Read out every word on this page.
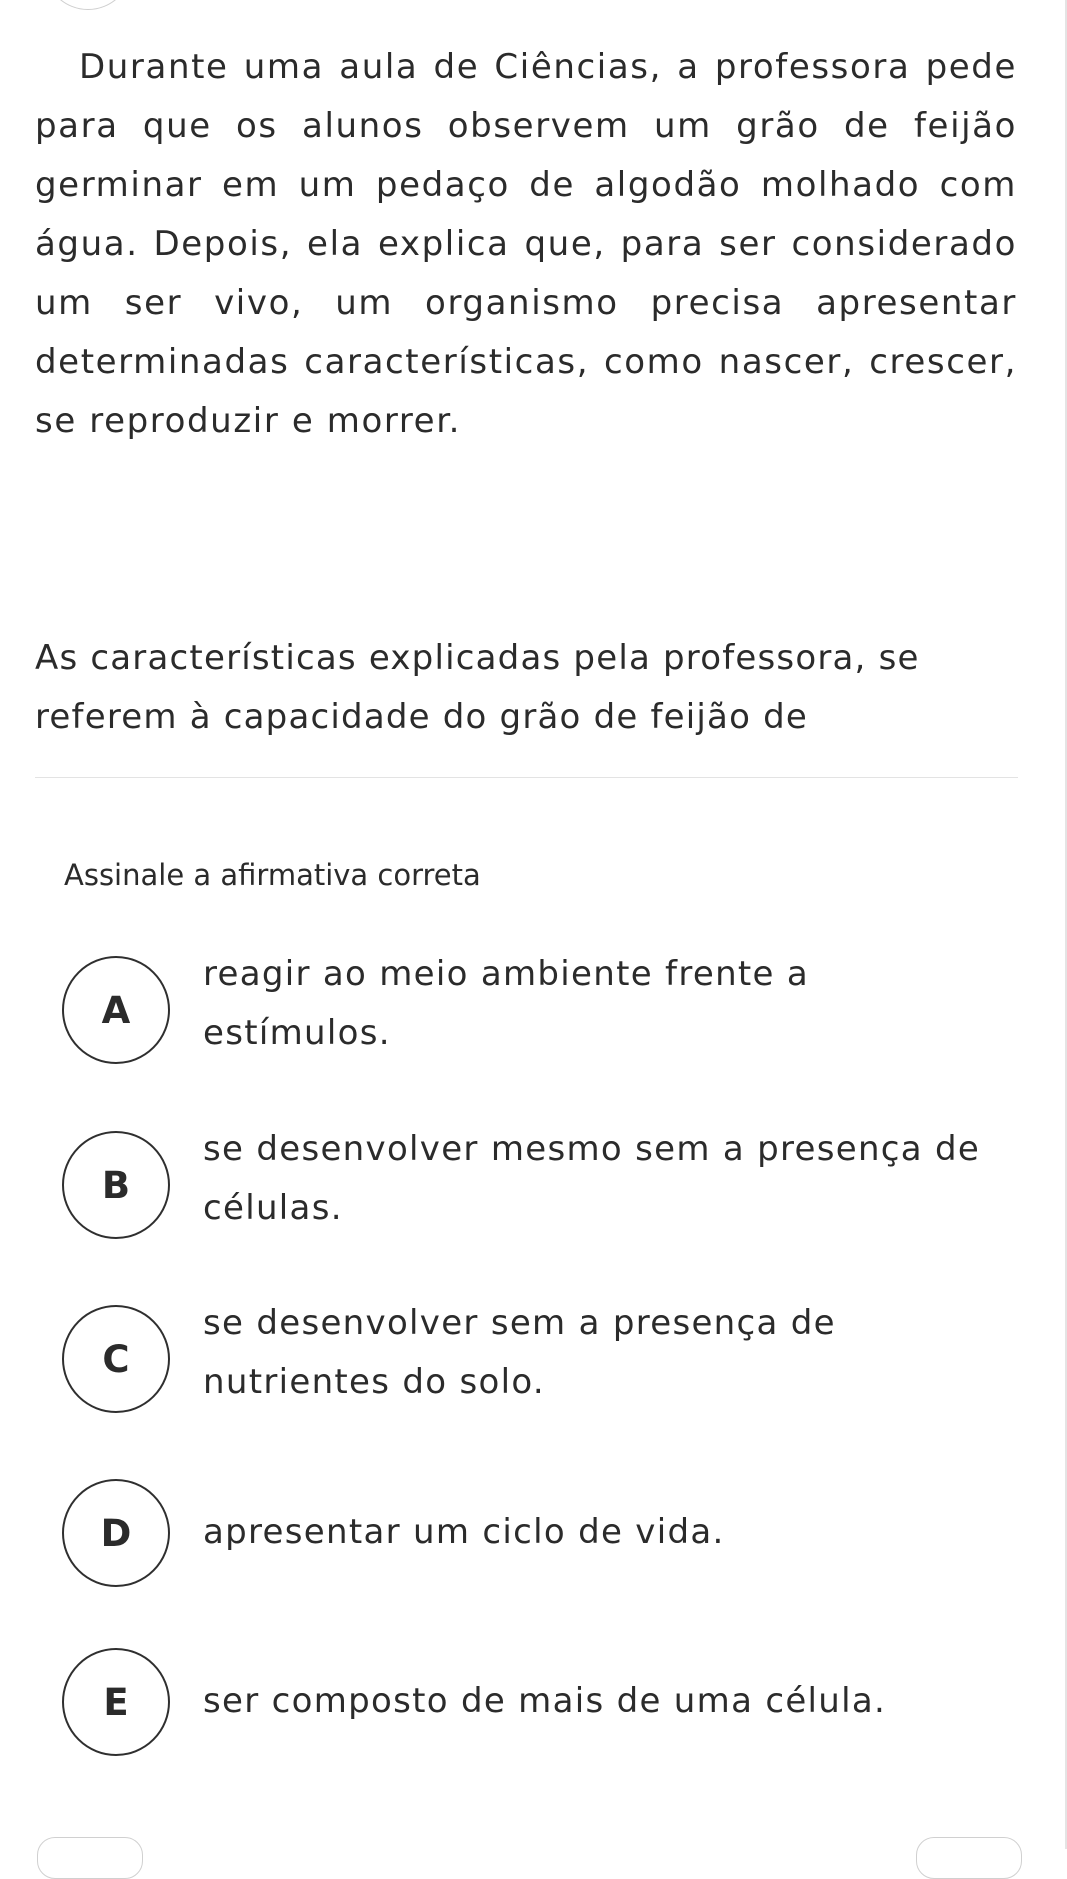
Durante uma aula de Ciências, a professora pede para que os alunos observem um grão de feijão germinar em um pedaço de algodão molhado com água. Depois, ela explica que, para ser considerado um ser vivo, um organismo precisa apresentar determinadas características, como nascer, crescer, se reproduzir e morrer.

As características explicadas pela professora, se referem à capacidade do grão de feijão de

Assinale a afirmativa correta
A
reagir ao meio ambiente frente a estímulos.
B
se desenvolver mesmo sem a presença de células.
C
se desenvolver sem a presença de nutrientes do solo.
D	apresentar um ciclo de vida.
E	ser composto de mais de uma célula.
